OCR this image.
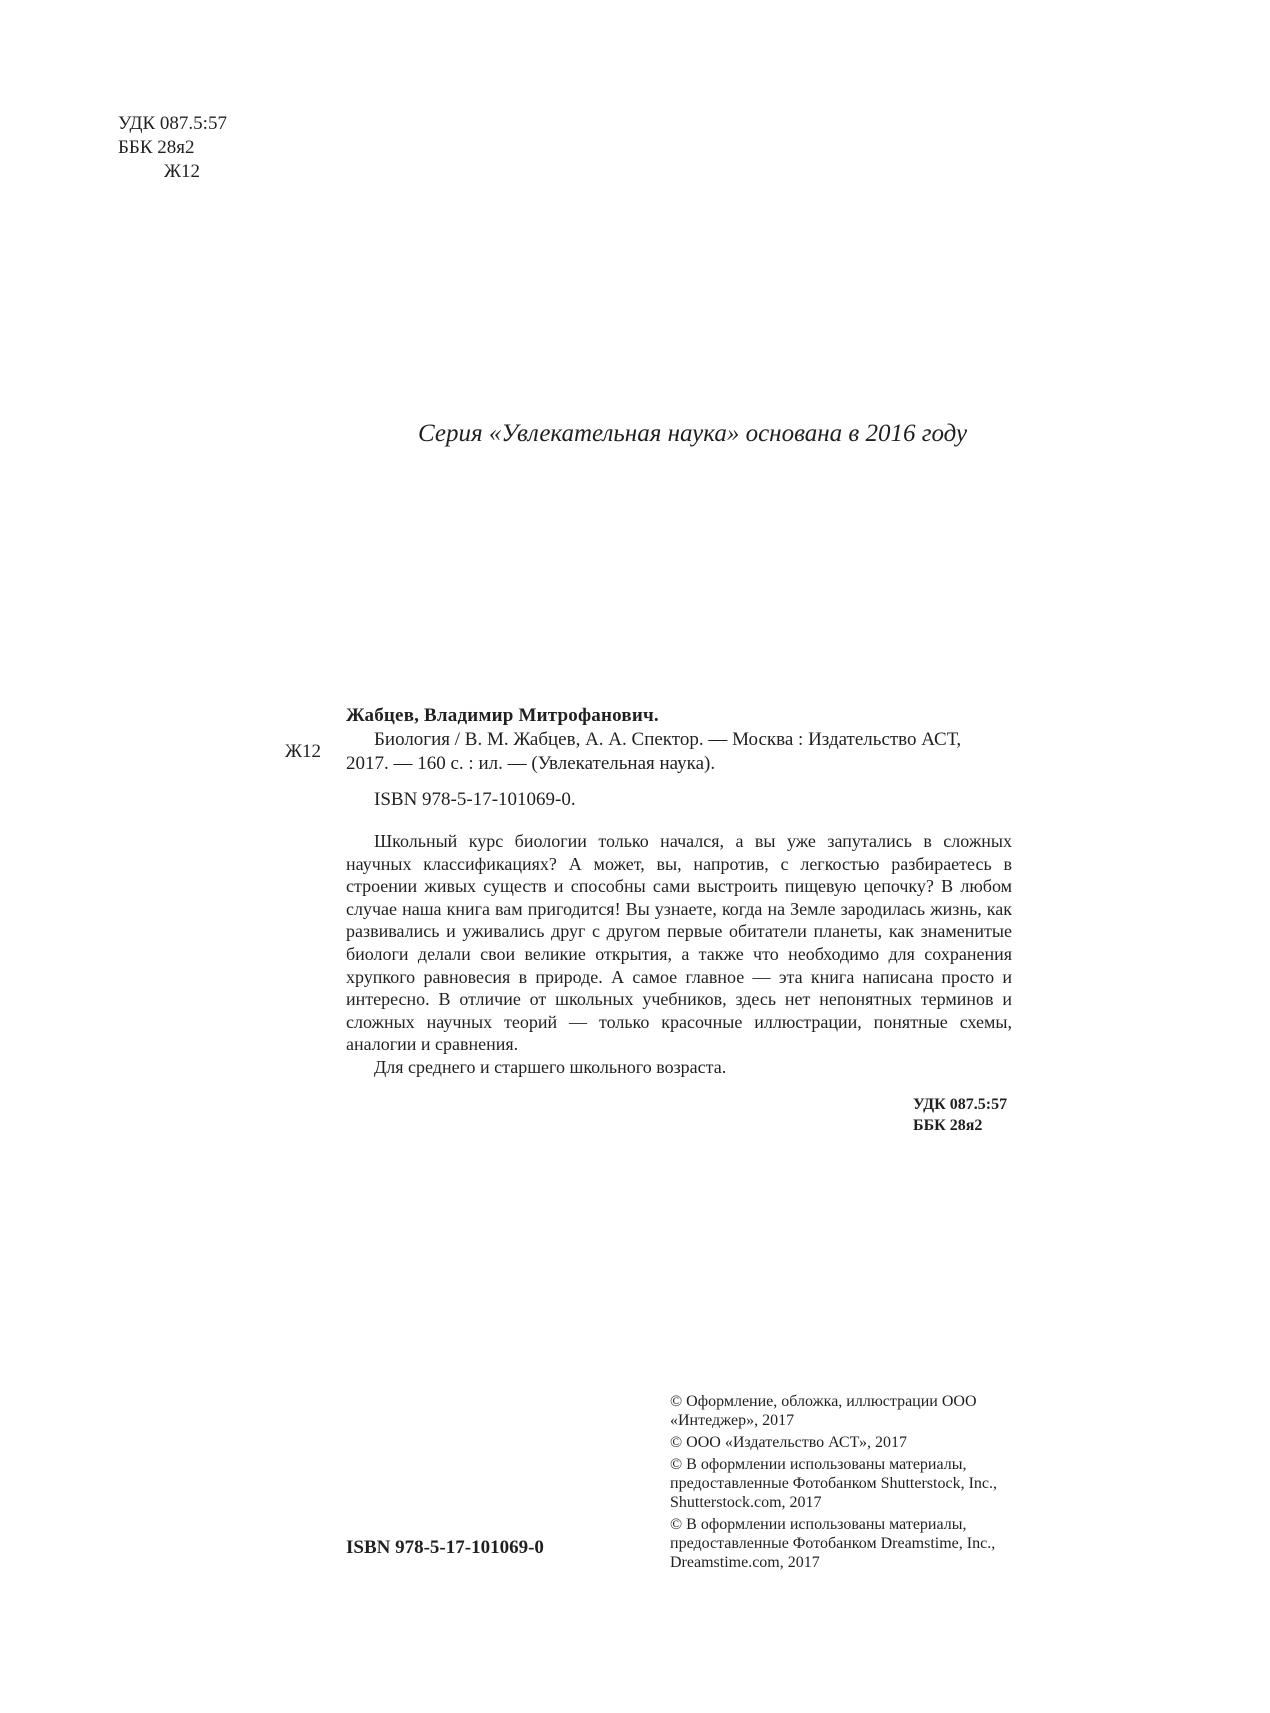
УДК 087.5:57
ББК 28я2
Ж12
Серия «Увлекательная наука» основана в 2016 году
Ж12

Жабцев, Владимир Митрофанович.

Биология / В. М. Жабцев, А. А. Спектор. — Москва : Издательство АСТ,

2017. — 160 с. : ил. — (Увлекательная наука).

ISBN 978-5-17-101069-0.

Школьный курс биологии только начался, а вы уже запутались в сложных научных классификациях? А может, вы, напротив, с легкостью разбираетесь в строении живых существ и способны сами выстроить пищевую цепочку? В любом случае наша книга вам пригодится! Вы узнаете, когда на Земле зародилась жизнь, как развивались и уживались друг с другом первые обитатели планеты, как знаменитые биологи делали свои великие открытия, а также что необходимо для сохранения хрупкого равновесия в природе. А самое главное — эта книга написана просто и интересно. В отличие от школьных учебников, здесь нет непонятных терминов и сложных научных теорий — только красочные иллюстрации, понятные схемы, аналогии и сравнения.

Для среднего и старшего школьного возраста.

УДК 087.5:57
ББК 28я2
© Оформление, обложка, иллюстрации ООО «Интеджер», 2017
© ООО «Издательство АСТ», 2017
© В оформлении использованы материалы, предоставленные Фотобанком Shutterstock, Inc., Shutterstock.com, 2017
© В оформлении использованы материалы, предоставленные Фотобанком Dreamstime, Inc., Dreamstime.com, 2017
ISBN 978-5-17-101069-0
